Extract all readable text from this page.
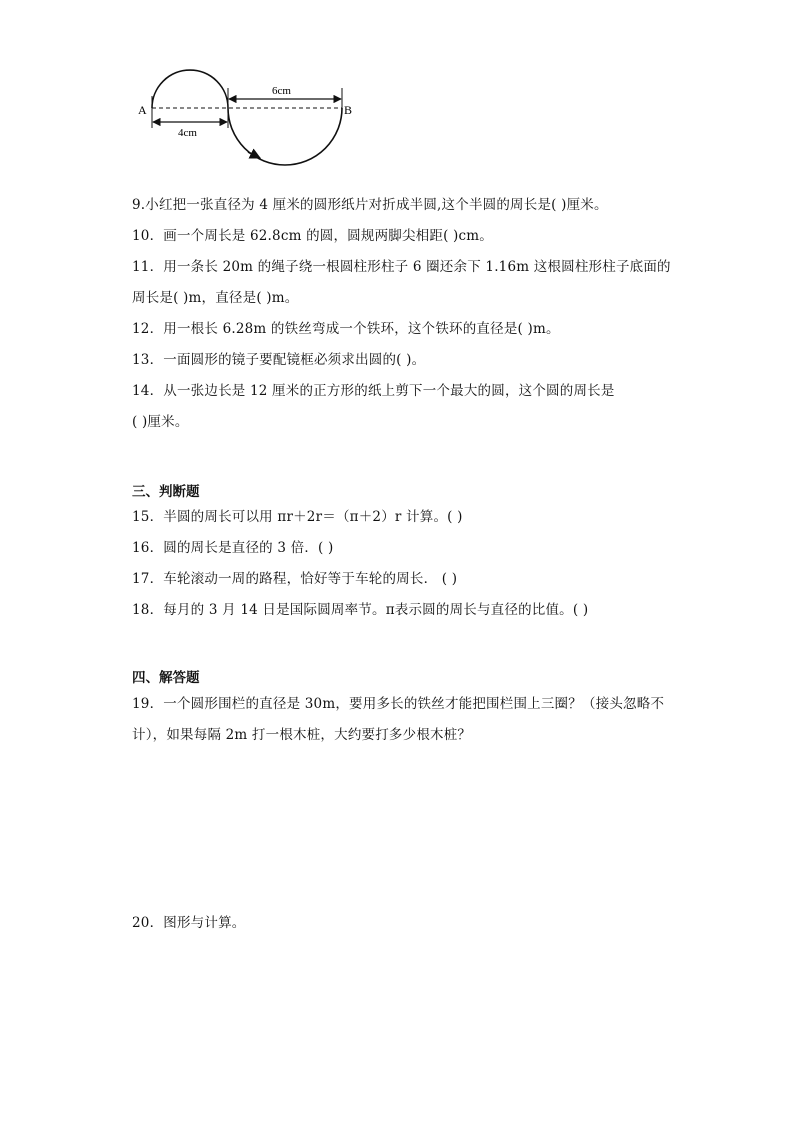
A	B
6cm
4cm
9.小红把一张直径为 4 厘米的圆形纸片对折成半圆,这个半圆的周长是( )厘米。
10．画一个周长是 62.8cm 的圆，圆规两脚尖相距( )cm。
11．用一条长 20m 的绳子绕一根圆柱形柱子 6 圈还余下 1.16m 这根圆柱形柱子底面的
周长是( )m，直径是( )m。
12．用一根长 6.28m 的铁丝弯成一个铁环，这个铁环的直径是( )m。
13．一面圆形的镜子要配镜框必须求出圆的( )。
14．从一张边长是 12 厘米的正方形的纸上剪下一个最大的圆，这个圆的周长是
( )厘米。
三、判断题
15．半圆的周长可以用 πr＋2r＝（π＋2）r 计算。( )
16．圆的周长是直径的 3 倍．( )
17．车轮滚动一周的路程，恰好等于车轮的周长． ( )
18．每月的 3 月 14 日是国际圆周率节。π表示圆的周长与直径的比值。( )
四、解答题
19．一个圆形围栏的直径是 30m，要用多长的铁丝才能把围栏围上三圈？（接头忽略不
计），如果每隔 2m 打一根木桩，大约要打多少根木桩？
20．图形与计算。
